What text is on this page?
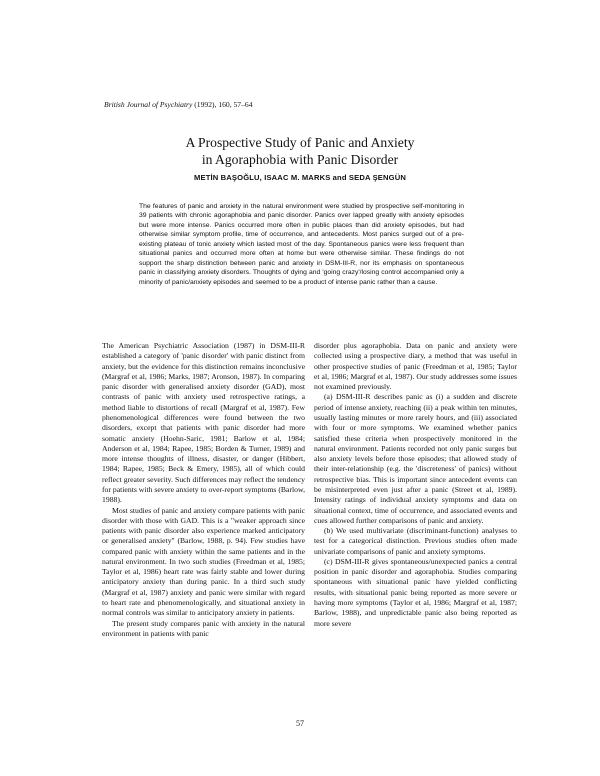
British Journal of Psychiatry (1992), 160, 57–64
A Prospective Study of Panic and Anxiety
in Agoraphobia with Panic Disorder
METİN BAŞOĞLU, ISAAC M. MARKS and SEDA ŞENGÜN
The features of panic and anxiety in the natural environment were studied by prospective self-monitoring in 39 patients with chronic agoraphobia and panic disorder. Panics over lapped greatly with anxiety episodes but were more intense. Panics occurred more often in public places than did anxiety episodes, but had otherwise similar symptom profile, time of occurrence, and antecedents. Most panics surged out of a pre-existing plateau of tonic anxiety which lasted most of the day. Spontaneous panics were less frequent than situational panics and occurred more often at home but were otherwise similar. These findings do not support the sharp distinction between panic and anxiety in DSM-III-R, nor its emphasis on spontaneous panic in classifying anxiety disorders. Thoughts of dying and 'going crazy'/losing control accompanied only a minority of panic/anxiety episodes and seemed to be a product of intense panic rather than a cause.

The American Psychiatric Association (1987) in DSM-III-R established a category of 'panic disorder' with panic distinct from anxiety, but the evidence for this distinction remains inconclusive (Margraf et al, 1986; Marks, 1987; Aronson, 1987). In comparing panic disorder with generalised anxiety disorder (GAD), most contrasts of panic with anxiety used retrospective ratings, a method liable to distortions of recall (Margraf et al, 1987). Few phenomenological differences were found between the two disorders, except that patients with panic disorder had more somatic anxiety (Hoehn-Saric, 1981; Barlow et al, 1984; Anderson et al, 1984; Rapee, 1985; Borden & Turner, 1989) and more intense thoughts of illness, disaster, or danger (Hibbert, 1984; Rapee, 1985; Beck & Emery, 1985), all of which could reflect greater severity. Such differences may reflect the tendency for patients with severe anxiety to over-report symptoms (Barlow, 1988).

Most studies of panic and anxiety compare patients with panic disorder with those with GAD. This is a "weaker approach since patients with panic disorder also experience marked anticipatory or generalised anxiety" (Barlow, 1988, p. 94). Few studies have compared panic with anxiety within the same patients and in the natural environment. In two such studies (Freedman et al, 1985; Taylor et al, 1986) heart rate was fairly stable and lower during anticipatory anxiety than during panic. In a third such study (Margraf et al, 1987) anxiety and panic were similar with regard to heart rate and phenomenologically, and situational anxiety in normal controls was similar to anticipatory anxiety in patients.

The present study compares panic with anxiety in the natural environment in patients with panic

disorder plus agoraphobia. Data on panic and anxiety were collected using a prospective diary, a method that was useful in other prospective studies of panic (Freedman et al, 1985; Taylor et al, 1986; Margraf et al, 1987). Our study addresses some issues not examined previously.

(a) DSM-III-R describes panic as (i) a sudden and discrete period of intense anxiety, reaching (ii) a peak within ten minutes, usually lasting minutes or more rarely hours, and (iii) associated with four or more symptoms. We examined whether panics satisfied these criteria when prospectively monitored in the natural environment. Patients recorded not only panic surges but also anxiety levels before those episodes; that allowed study of their inter-relationship (e.g. the 'discreteness' of panics) without retrospective bias. This is important since antecedent events can be misinterpreted even just after a panic (Street et al, 1989). Intensity ratings of individual anxiety symptoms and data on situational context, time of occurrence, and associated events and cues allowed further comparisons of panic and anxiety.

(b) We used multivariate (discriminant-function) analyses to test for a categorical distinction. Previous studies often made univariate comparisons of panic and anxiety symptoms.

(c) DSM-III-R gives spontaneous/unexpected panics a central position in panic disorder and agoraphobia. Studies comparing spontaneous with situational panic have yielded conflicting results, with situational panic being reported as more severe or having more symptoms (Taylor et al, 1986; Margraf et al, 1987; Barlow, 1988), and unpredictable panic also being reported as more severe

57
